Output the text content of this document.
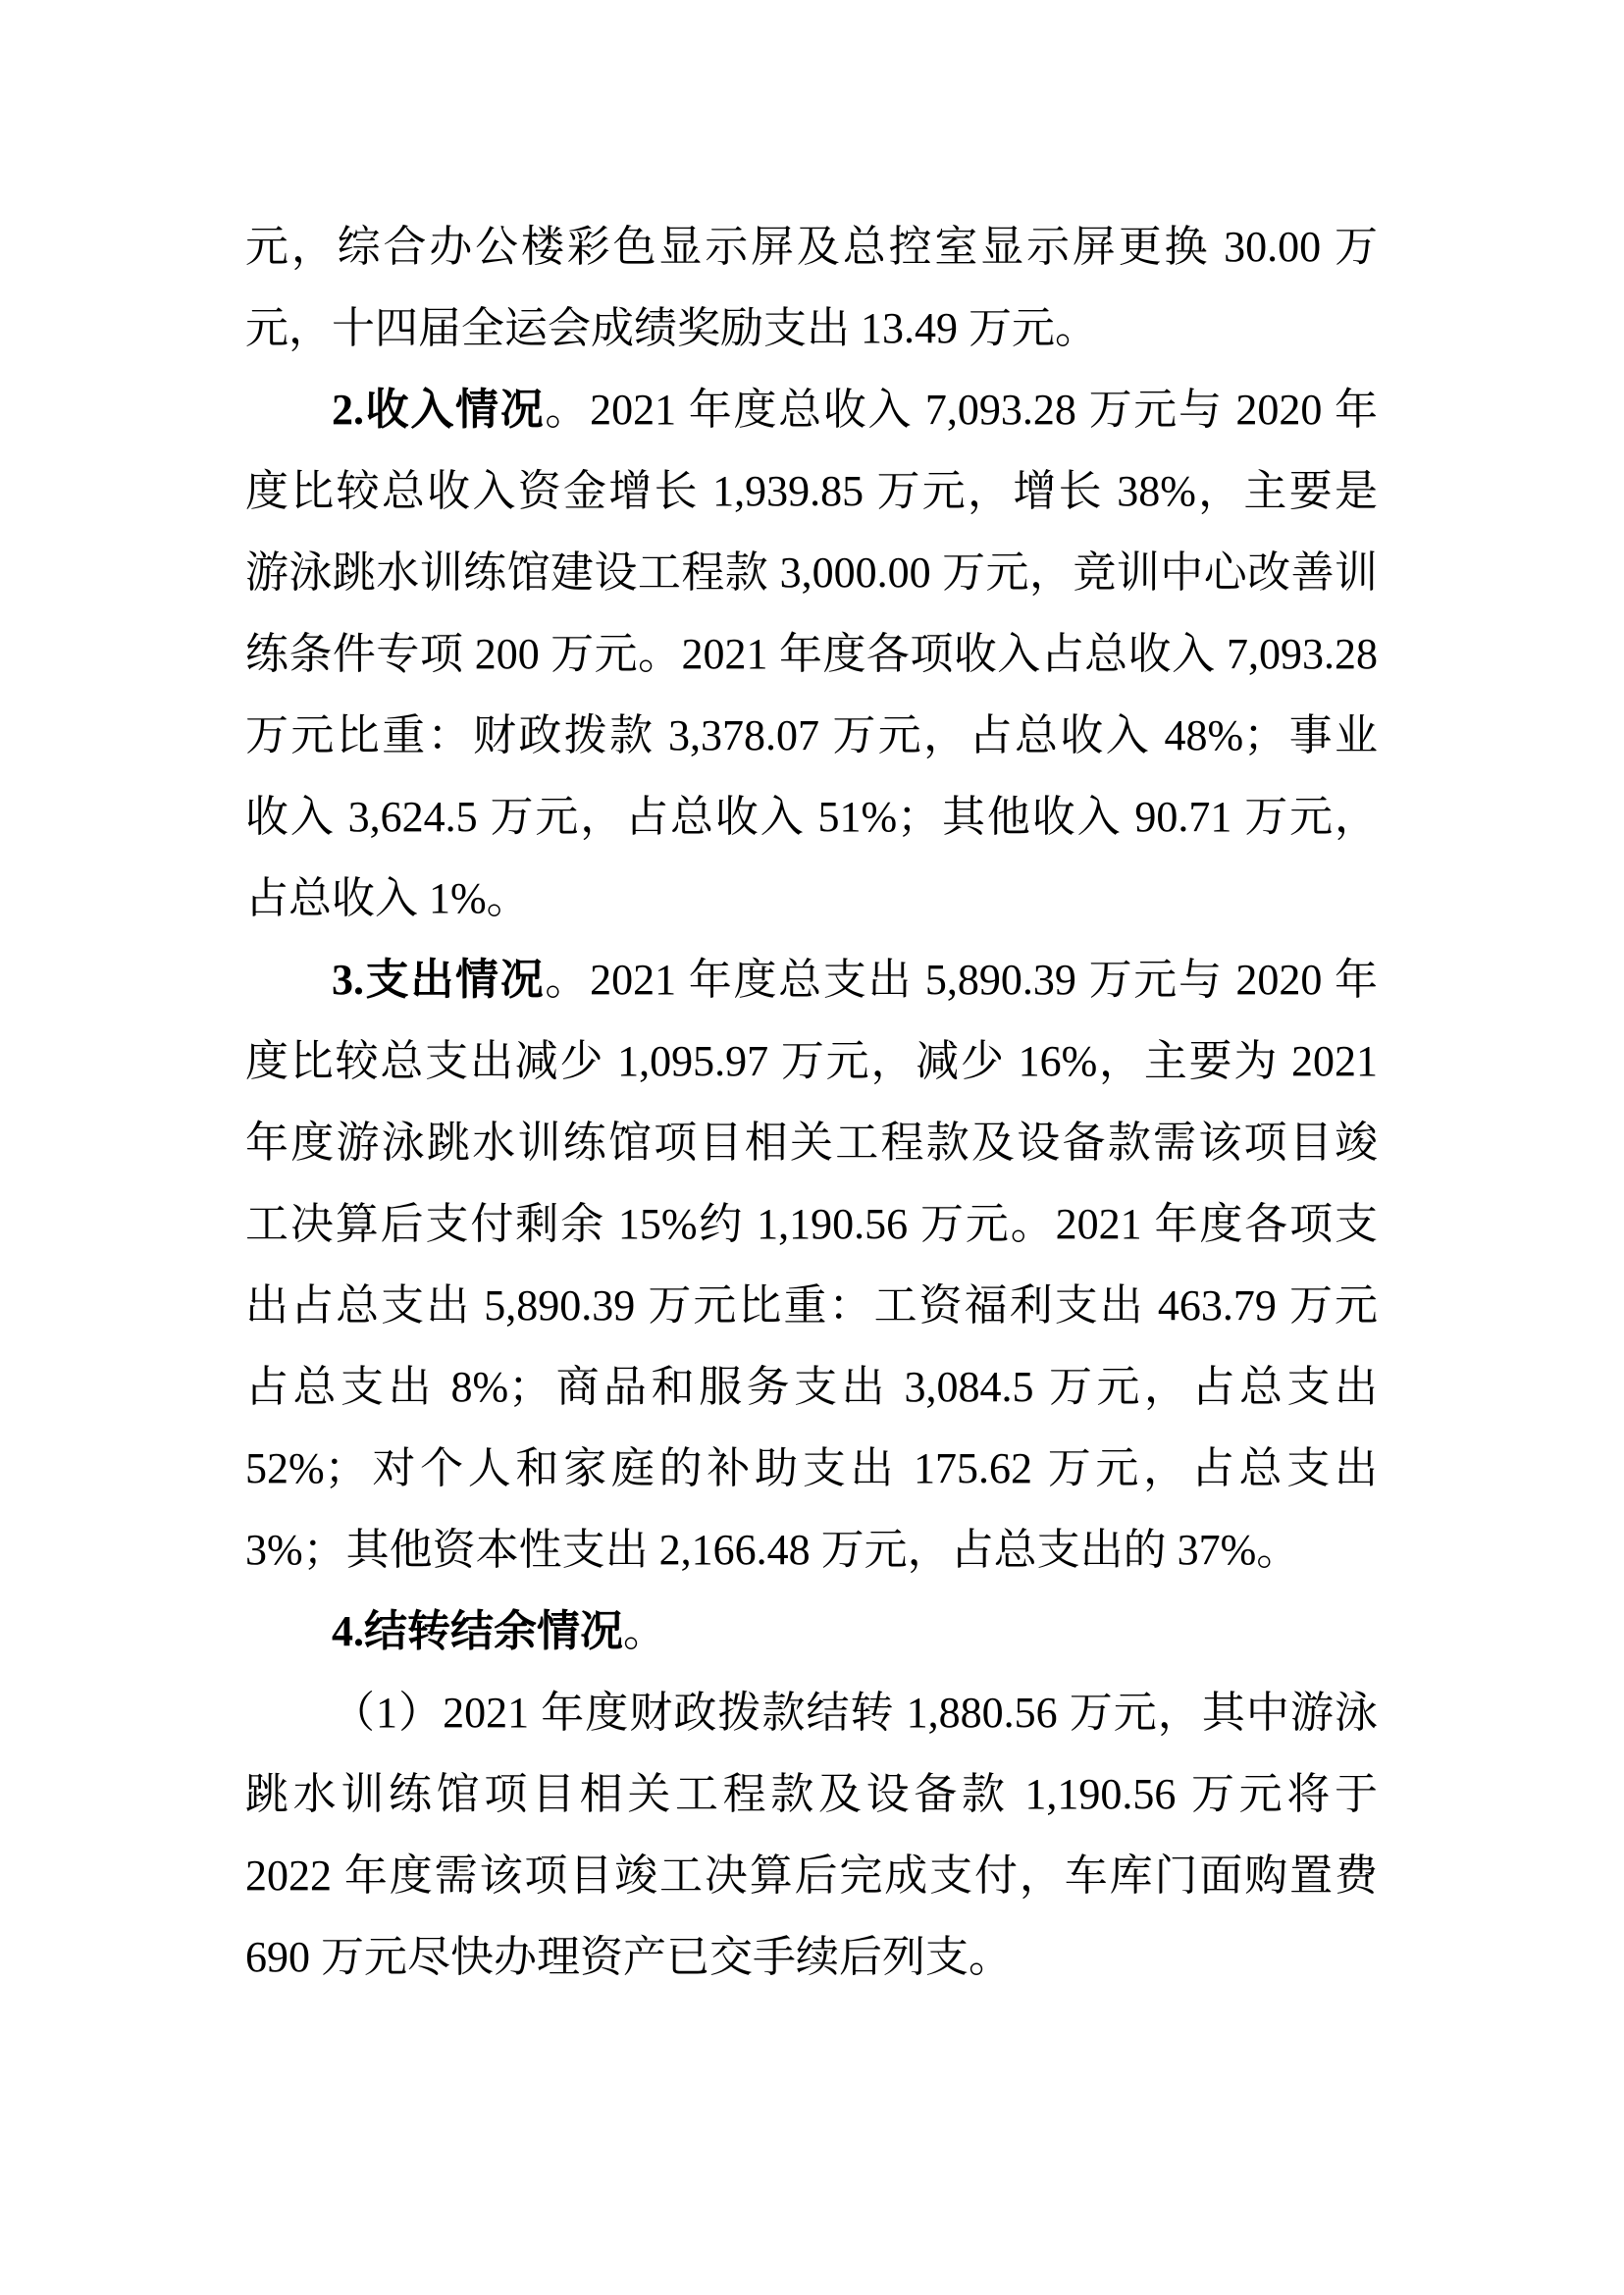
元，综合办公楼彩色显示屏及总控室显示屏更换 30.00 万
元，十四届全运会成绩奖励支出 13.49 万元。
2.收入情况。2021 年度总收入 7,093.28 万元与 2020 年
度比较总收入资金增长 1,939.85 万元，增长 38%，主要是
游泳跳水训练馆建设工程款 3,000.00 万元，竞训中心改善训
练条件专项 200 万元。2021 年度各项收入占总收入 7,093.28
万元比重：财政拨款 3,378.07 万元，占总收入 48%；事业
收入 3,624.5 万元，占总收入 51%；其他收入 90.71 万元，
占总收入 1%。
3.支出情况。2021 年度总支出 5,890.39 万元与 2020 年
度比较总支出减少 1,095.97 万元，减少 16%，主要为 2021
年度游泳跳水训练馆项目相关工程款及设备款需该项目竣
工决算后支付剩余 15%约 1,190.56 万元。2021 年度各项支
出占总支出 5,890.39 万元比重：工资福利支出 463.79 万元
占总支出 8%；商品和服务支出 3,084.5 万元，占总支出
52%；对个人和家庭的补助支出 175.62 万元，占总支出
3%；其他资本性支出 2,166.48 万元，占总支出的 37%。
4.结转结余情况。
（1）2021 年度财政拨款结转 1,880.56 万元，其中游泳
跳水训练馆项目相关工程款及设备款 1,190.56 万元将于
2022 年度需该项目竣工决算后完成支付，车库门面购置费
690 万元尽快办理资产已交手续后列支。
